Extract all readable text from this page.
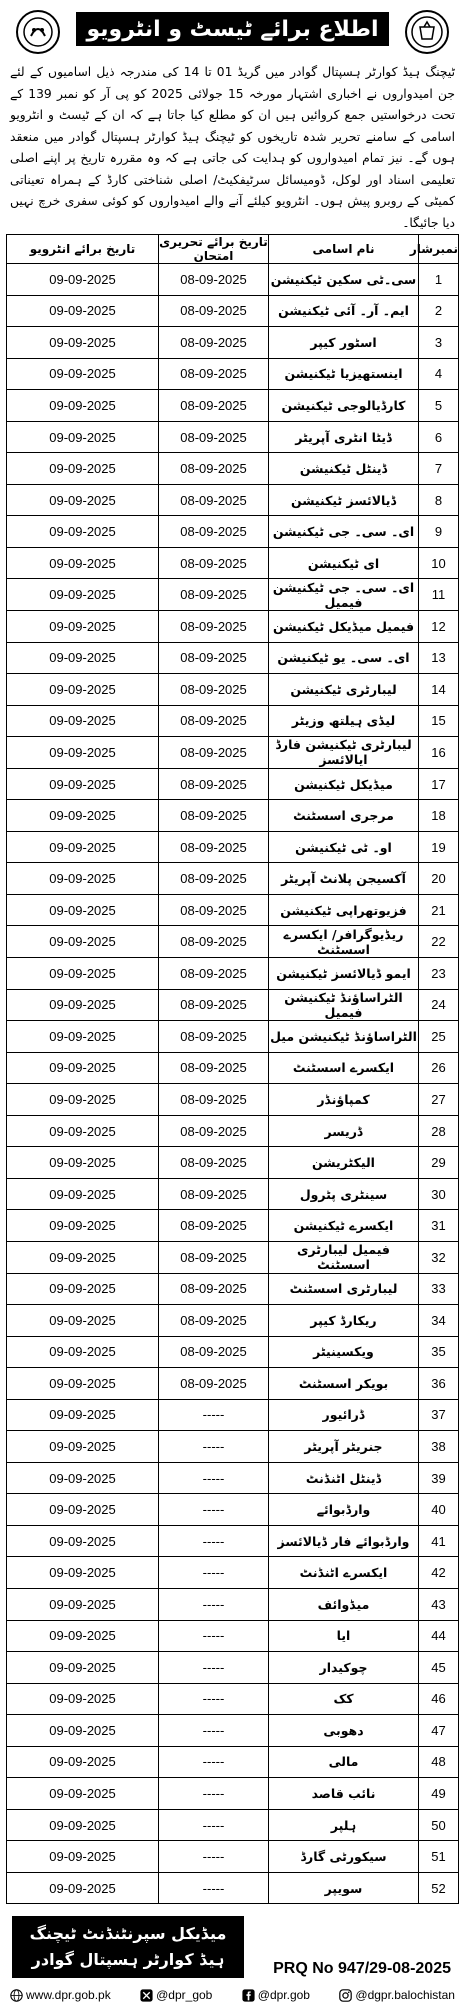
اطلاع برائے ٹیسٹ و انٹرویو
ٹیچنگ ہیڈ کوارٹر ہسپتال گوادر میں گریڈ 01 تا 14 کی مندرجہ ذیل اسامیوں کے لئے جن امیدواروں نے اخباری اشتہار مورخہ 15 جولائی 2025 کو پی آر کو نمبر 139 کے تحت درخواستیں جمع کروائیں ہیں ان کو مطلع کیا جاتا ہے کہ ان کے ٹیسٹ و انٹرویو اسامی کے سامنے تحریر شدہ تاریخوں کو ٹیچنگ ہیڈ کوارٹر ہسپتال گوادر میں منعقد ہوں گے۔ نیز تمام امیدواروں کو ہدایت کی جاتی ہے کہ وہ مقررہ تاریخ پر اپنے اصلی تعلیمی اسناد اور لوکل، ڈومیسائل سرٹیفکیٹ/ اصلی شناختی کارڈ کے ہمراہ تعیناتی کمیٹی کے روبرو پیش ہوں۔ انٹرویو کیلئے آنے والے امیدواروں کو کوئی سفری خرچ نہیں دیا جائیگا۔
نمبرشار	نام اسامی	تاریخ برائے تحریری امتحان	تاریخ برائے انٹرویو
1	سی۔ٹی سکین ٹیکنیشن	08-09-2025	09-09-2025
2	ایم۔ آر۔ آئی ٹیکنیشن	08-09-2025	09-09-2025
3	اسٹور کیپر	08-09-2025	09-09-2025
4	اینستھیزیا ٹیکنیشن	08-09-2025	09-09-2025
5	کارڈیالوجی ٹیکنیشن	08-09-2025	09-09-2025
6	ڈیٹا انٹری آپریٹر	08-09-2025	09-09-2025
7	ڈینٹل ٹیکنیشن	08-09-2025	09-09-2025
8	ڈیالائسز ٹیکنیشن	08-09-2025	09-09-2025
9	ای۔ سی۔ جی ٹیکنیشن	08-09-2025	09-09-2025
10	ای ٹیکنیشن	08-09-2025	09-09-2025
11	ای۔ سی۔ جی ٹیکنیشن فیمیل	08-09-2025	09-09-2025
12	فیمیل میڈیکل ٹیکنیشن	08-09-2025	09-09-2025
13	ای۔ سی۔ یو ٹیکنیشن	08-09-2025	09-09-2025
14	لیبارٹری ٹیکنیشن	08-09-2025	09-09-2025
15	لیڈی ہیلتھ وزیٹر	08-09-2025	09-09-2025
16	لیبارٹری ٹیکنیشن فارڈ ایالائسز	08-09-2025	09-09-2025
17	میڈیکل ٹیکنیشن	08-09-2025	09-09-2025
18	مرجری اسسٹنٹ	08-09-2025	09-09-2025
19	او۔ ٹی ٹیکنیشن	08-09-2025	09-09-2025
20	آکسیجن پلانٹ آپریٹر	08-09-2025	09-09-2025
21	فزیوتھراپی ٹیکنیشن	08-09-2025	09-09-2025
22	ریڈیوگرافر/ ایکسرے اسسٹنٹ	08-09-2025	09-09-2025
23	ایمو ڈیالائسز ٹیکنیشن	08-09-2025	09-09-2025
24	الٹراساؤنڈ ٹیکنیشن فیمیل	08-09-2025	09-09-2025
25	الٹراساؤنڈ ٹیکنیشن میل	08-09-2025	09-09-2025
26	ایکسرے اسسٹنٹ	08-09-2025	09-09-2025
27	کمپاؤنڈر	08-09-2025	09-09-2025
28	ڈریسر	08-09-2025	09-09-2025
29	الیکٹریشن	08-09-2025	09-09-2025
30	سینٹری پٹرول	08-09-2025	09-09-2025
31	ایکسرے ٹیکنیشن	08-09-2025	09-09-2025
32	فیمیل لیبارٹری اسسٹنٹ	08-09-2025	09-09-2025
33	لیبارٹری اسسٹنٹ	08-09-2025	09-09-2025
34	ریکارڈ کیپر	08-09-2025	09-09-2025
35	ویکسینیٹر	08-09-2025	09-09-2025
36	بویکر اسسٹنٹ	08-09-2025	09-09-2025
37	ڈرائیور	-----	09-09-2025
38	جنریٹر آپریٹر	-----	09-09-2025
39	ڈینٹل اٹنڈنٹ	-----	09-09-2025
40	وارڈبوائے	-----	09-09-2025
41	وارڈبوائے فار ڈیالائسز	-----	09-09-2025
42	ایکسرے اٹنڈنٹ	-----	09-09-2025
43	میڈوائف	-----	09-09-2025
44	ایا	-----	09-09-2025
45	چوکیدار	-----	09-09-2025
46	کک	-----	09-09-2025
47	دھوبی	-----	09-09-2025
48	مالی	-----	09-09-2025
49	نائب قاصد	-----	09-09-2025
50	ہلپر	-----	09-09-2025
51	سیکورٹی گارڈ	-----	09-09-2025
52	سویپر	-----	09-09-2025
میڈیکل سپرنٹنڈنٹ ٹیچنگ
ہیڈ کوارٹر ہسپتال گوادر	PRQ No 947/29-08-2025
www.dpr.gob.pk	@dpr_gob	@dpr.gob	@dgpr.balochistan
